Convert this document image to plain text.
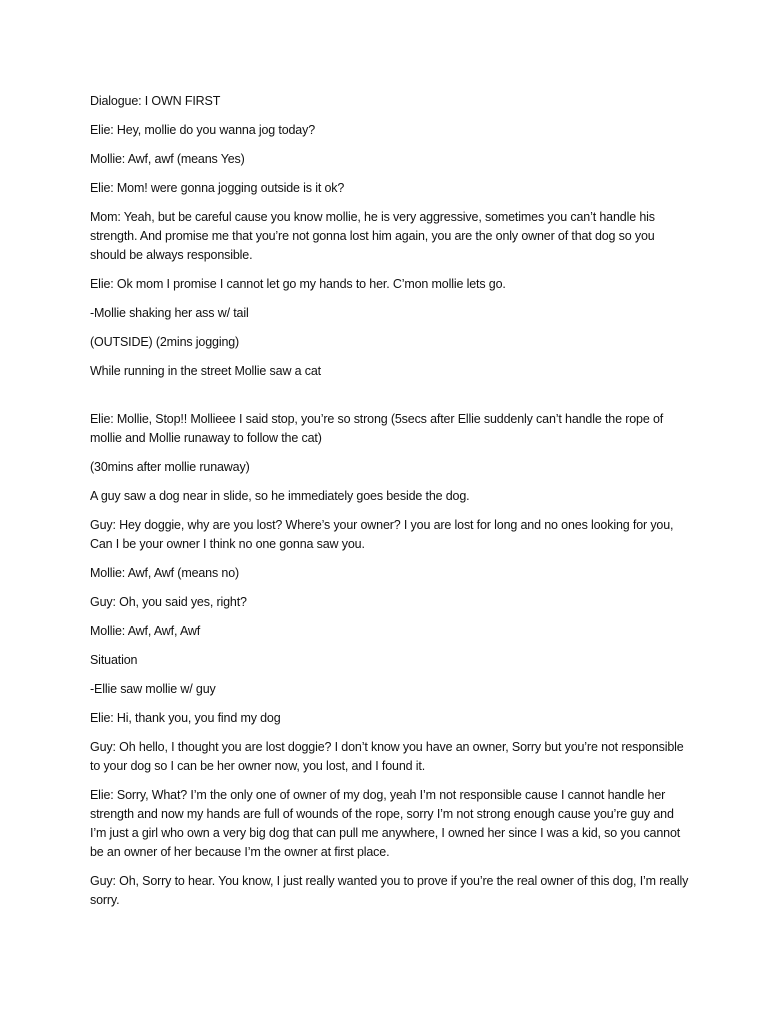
Dialogue: I OWN FIRST

Elie: Hey, mollie do you wanna jog today?

Mollie: Awf, awf (means Yes)

Elie: Mom! were gonna jogging outside is it ok?

Mom: Yeah, but be careful cause you know mollie, he is very aggressive, sometimes you can’t handle his strength. And promise me that you’re not gonna lost him again, you are the only owner of that dog so you should be always responsible.

Elie: Ok mom I promise I cannot let go my hands to her. C’mon mollie lets go.

-Mollie shaking her ass w/ tail

(OUTSIDE) (2mins jogging)

While running in the street Mollie saw a cat

Elie: Mollie, Stop!! Mollieee I said stop, you’re so strong (5secs after Ellie suddenly can’t handle the rope of mollie and Mollie runaway to follow the cat)

(30mins after mollie runaway)

A guy saw a dog near in slide, so he immediately goes beside the dog.

Guy: Hey doggie, why are you lost? Where’s your owner? I you are lost for long and no ones looking for you, Can I be your owner I think no one gonna saw you.

Mollie: Awf, Awf (means no)

Guy: Oh, you said yes, right?

Mollie: Awf, Awf, Awf

Situation

-Ellie saw mollie w/ guy

Elie: Hi, thank you, you find my dog

Guy: Oh hello, I thought you are lost doggie? I don’t know you have an owner, Sorry but you’re not responsible to your dog so I can be her owner now, you lost, and I found it.

Elie: Sorry, What? I’m the only one of owner of my dog, yeah I’m not responsible cause I cannot handle her strength and now my hands are full of wounds of the rope, sorry I’m not strong enough cause you’re guy and I’m just a girl who own a very big dog that can pull me anywhere, I owned her since I was a kid, so you cannot be an owner of her because I’m the owner at first place.

Guy: Oh, Sorry to hear. You know, I just really wanted you to prove if you’re the real owner of this dog, I’m really sorry.
